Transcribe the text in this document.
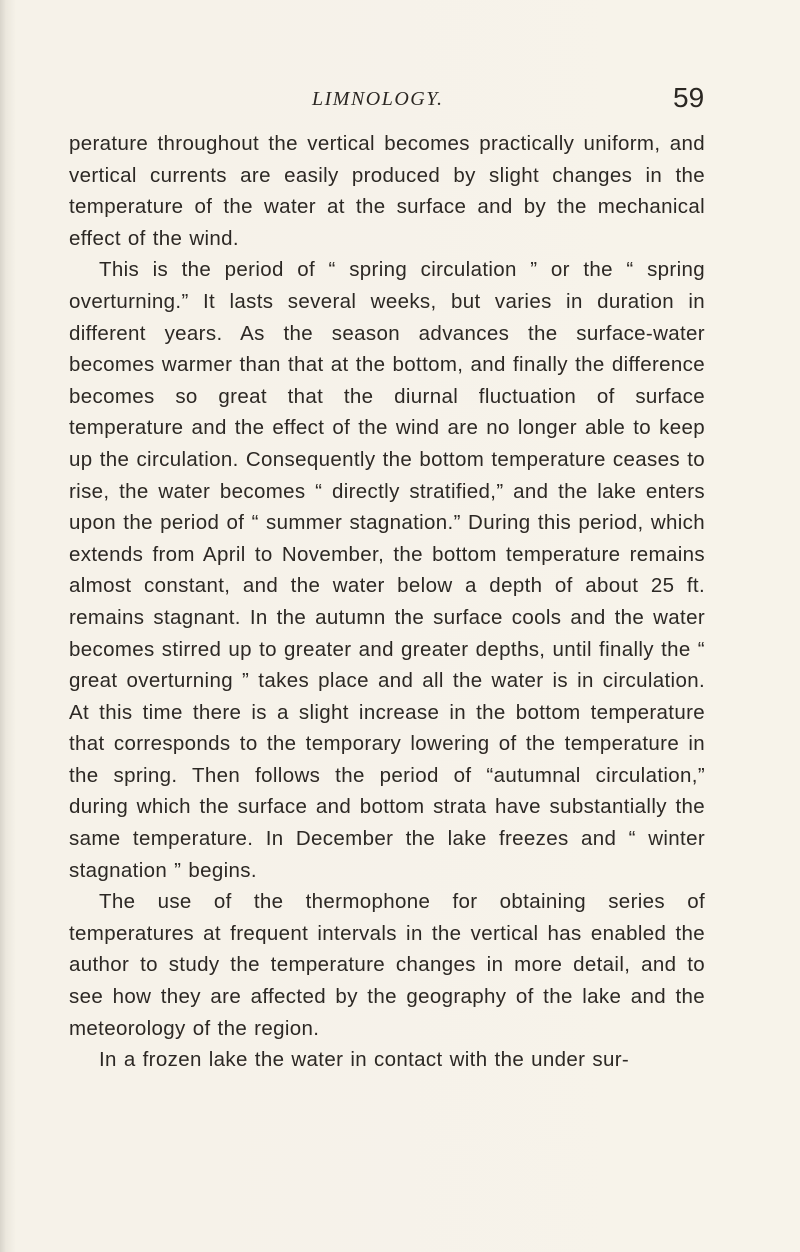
LIMNOLOGY.	59

perature throughout the vertical becomes practically uniform, and vertical currents are easily produced by slight changes in the temperature of the water at the surface and by the mechanical effect of the wind.

This is the period of “ spring circulation ” or the “ spring overturning.” It lasts several weeks, but varies in duration in different years. As the season advances the surface-water becomes warmer than that at the bottom, and finally the difference becomes so great that the diurnal fluctuation of surface temperature and the effect of the wind are no longer able to keep up the circulation. Consequently the bottom temperature ceases to rise, the water becomes “ directly stratified,” and the lake enters upon the period of “ summer stagnation.” During this period, which extends from April to November, the bottom temperature remains almost constant, and the water below a depth of about 25 ft. remains stagnant. In the autumn the surface cools and the water becomes stirred up to greater and greater depths, until finally the “ great overturning ” takes place and all the water is in circulation. At this time there is a slight increase in the bottom temperature that corresponds to the temporary lowering of the temperature in the spring. Then follows the period of “autumnal circulation,” during which the surface and bottom strata have substantially the same temperature. In December the lake freezes and “ winter stagnation ” begins.

The use of the thermophone for obtaining series of temperatures at frequent intervals in the vertical has enabled the author to study the temperature changes in more detail, and to see how they are affected by the geography of the lake and the meteorology of the region.

In a frozen lake the water in contact with the under sur-
